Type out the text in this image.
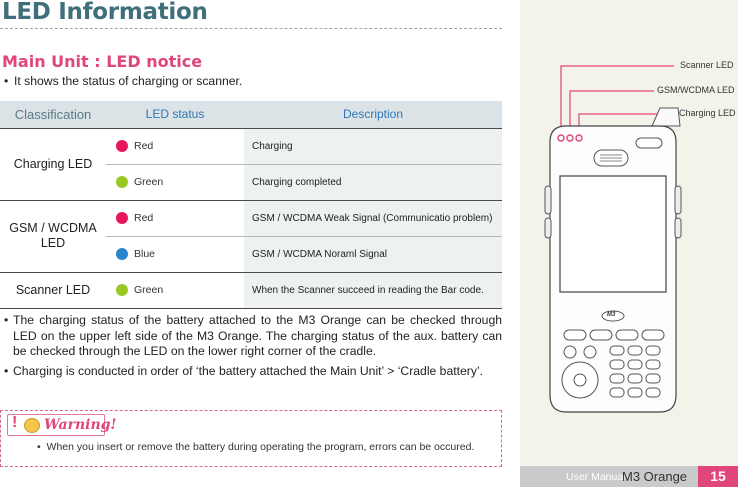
LED Information
Main Unit : LED notice
• It shows the status of charging or scanner.
Classification	LED status	Description
Charging LED	Red	Charging
	Green	Charging completed
GSM / WCDMA LED	Red	GSM / WCDMA Weak Signal (Communicatio problem)
	Blue	GSM / WCDMA Noraml Signal
Scanner LED	Green	When the Scanner succeed in reading the Bar code.
• The charging status of the battery attached to the M3 Orange can be checked through LED on the upper left side of the M3 Orange. The charging status of the aux. battery can be checked through the LED on the lower right corner of the cradle.
• Charging is conducted in order of ‘the battery attached the Main Unit’ > ‘Cradle battery’.
! Warning!
• When you insert or remove the battery during operating the program, errors can be occured.
Scanner LED
GSM/WCDMA LED
Charging LED
M3
User Manual
M3 Orange	15
